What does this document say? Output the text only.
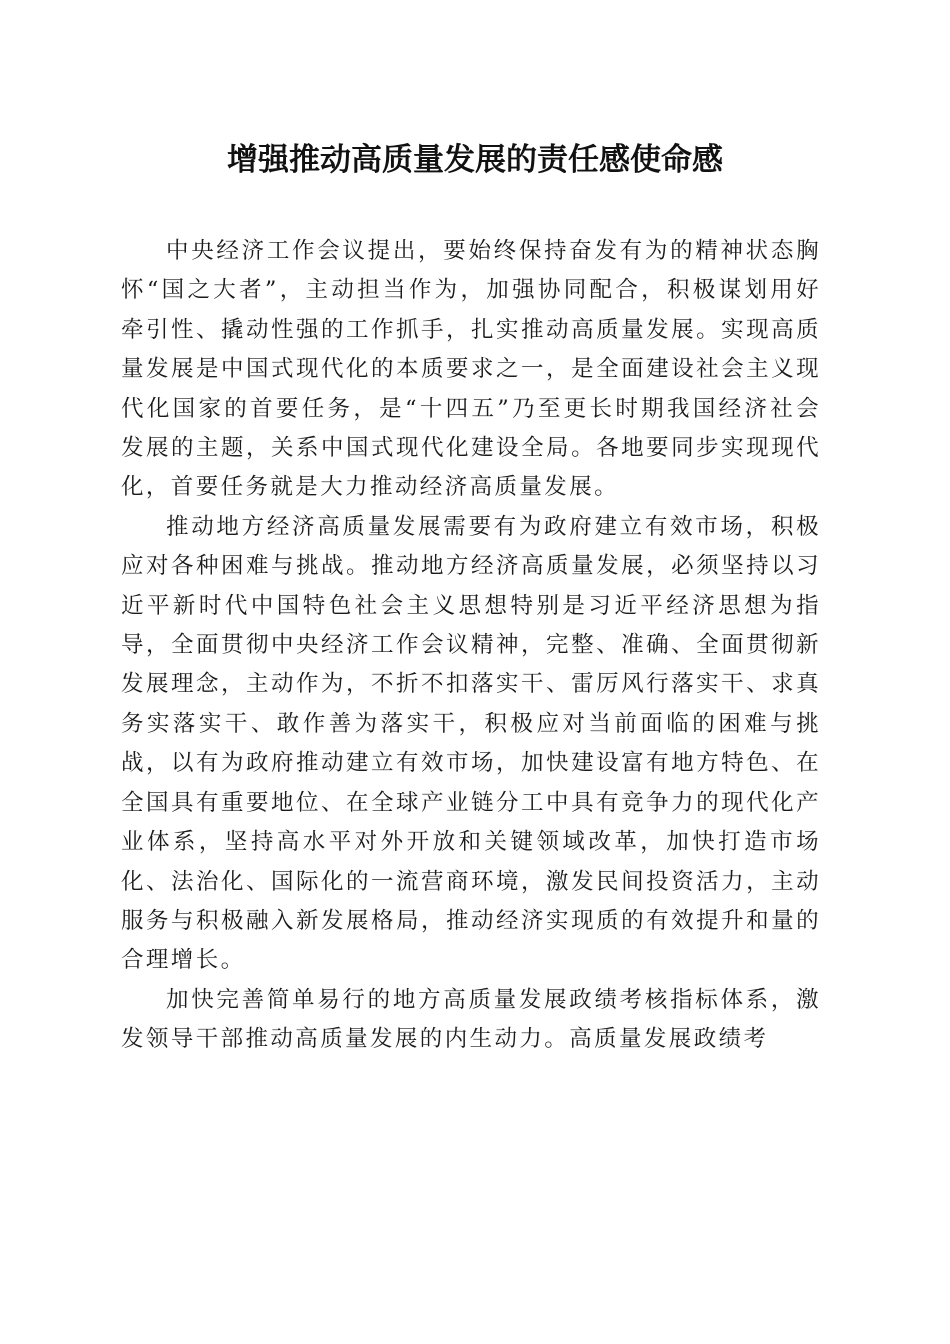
增强推动高质量发展的责任感使命感

中央经济工作会议提出，要始终保持奋发有为的精神状态胸怀“国之大者”，主动担当作为，加强协同配合，积极谋划用好牵引性、撬动性强的工作抓手，扎实推动高质量发展。实现高质量发展是中国式现代化的本质要求之一，是全面建设社会主义现代化国家的首要任务，是“十四五”乃至更长时期我国经济社会发展的主题，关系中国式现代化建设全局。各地要同步实现现代化，首要任务就是大力推动经济高质量发展。

推动地方经济高质量发展需要有为政府建立有效市场，积极应对各种困难与挑战。推动地方经济高质量发展，必须坚持以习近平新时代中国特色社会主义思想特别是习近平经济思想为指导，全面贯彻中央经济工作会议精神，完整、准确、全面贯彻新发展理念，主动作为，不折不扣落实干、雷厉风行落实干、求真务实落实干、敢作善为落实干，积极应对当前面临的困难与挑战，以有为政府推动建立有效市场，加快建设富有地方特色、在全国具有重要地位、在全球产业链分工中具有竞争力的现代化产业体系，坚持高水平对外开放和关键领域改革，加快打造市场化、法治化、国际化的一流营商环境，激发民间投资活力，主动服务与积极融入新发展格局，推动经济实现质的有效提升和量的合理增长。

加快完善简单易行的地方高质量发展政绩考核指标体系，激发领导干部推动高质量发展的内生动力。高质量发展政绩考
